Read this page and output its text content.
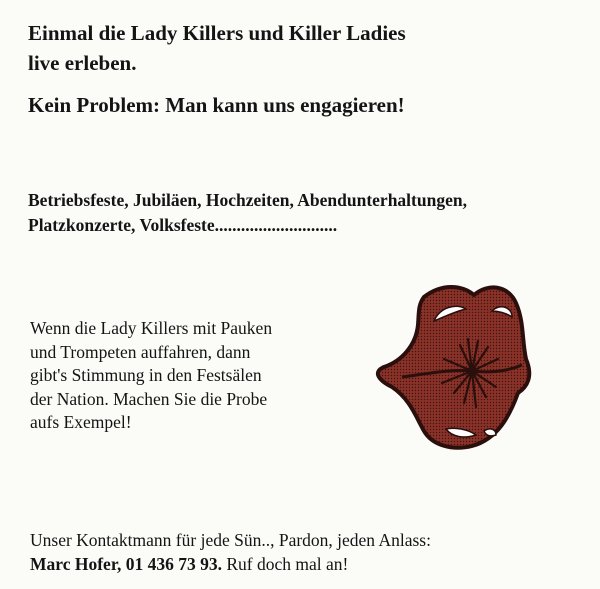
Einmal die Lady Killers und Killer Ladies
live erleben.
Kein Problem: Man kann uns engagieren!

Betriebsfeste, Jubiläen, Hochzeiten, Abendunterhaltungen,
Platzkonzerte, Volksfeste............................

Wenn die Lady Killers mit Pauken
und Trompeten auffahren, dann
gibt's Stimmung in den Festsälen
der Nation. Machen Sie die Probe
aufs Exempel!

Unser Kontaktmann für jede Sün.., Pardon, jeden Anlass:
Marc Hofer, 01 436 73 93. Ruf doch mal an!
